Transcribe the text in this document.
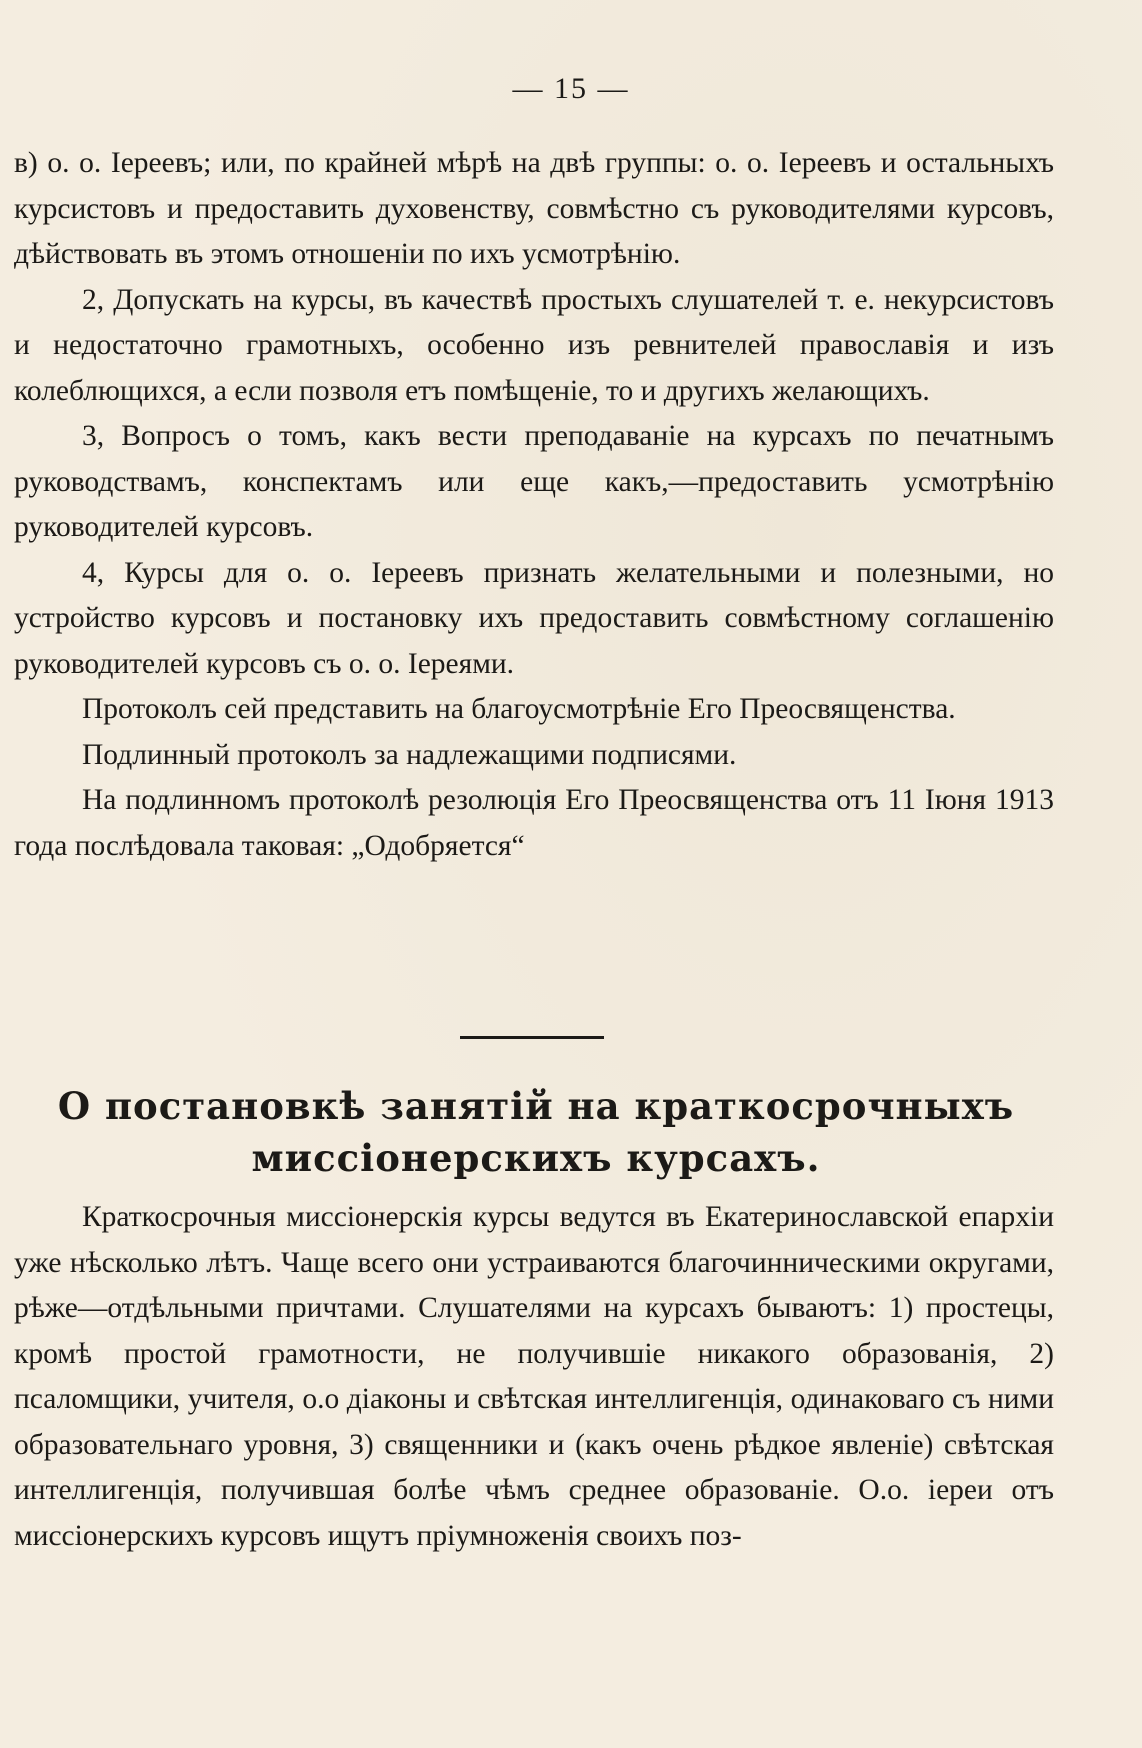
— 15 —

в) о. о. Іереевъ; или, по крайней мѣрѣ на двѣ группы: о. о. Іереевъ и остальныхъ курсистовъ и предоставить духовенству, совмѣстно съ руководителями курсовъ, дѣйствовать въ этомъ отношеніи по ихъ усмотрѣнію.

2, Допускать на курсы, въ качествѣ простыхъ слушателей т. е. некурсистовъ и недостаточно грамотныхъ, особенно изъ ревнителей православія и изъ колеблющихся, а если позволя етъ помѣщеніе, то и другихъ желающихъ.

3, Вопросъ о томъ, какъ вести преподаваніе на курсахъ по печатнымъ руководствамъ, конспектамъ или еще какъ,—предоставить усмотрѣнію руководителей курсовъ.

4, Курсы для о. о. Іереевъ признать желательными и полезными, но устройство курсовъ и постановку ихъ предоставить совмѣстному соглашенію руководителей курсовъ съ о. о. Іереями.

Протоколъ сей представить на благоусмотрѣніе Его Преосвященства.

Подлинный протоколъ за надлежащими подписями.

На подлинномъ протоколѣ резолюція Его Преосвященства отъ 11 Іюня 1913 года послѣдовала таковая: „Одобряется“

О постановкѣ занятій на краткосрочныхъ
миссіонерскихъ курсахъ.

Краткосрочныя миссіонерскія курсы ведутся въ Екатеринославской епархіи уже нѣсколько лѣтъ. Чаще всего они устраиваются благочинническими округами, рѣже—отдѣльными причтами. Слушателями на курсахъ бываютъ: 1) простецы, кромѣ простой грамотности, не получившіе никакого образованія, 2) псаломщики, учителя, о.о діаконы и свѣтская интеллигенція, одинаковаго съ ними образовательнаго уровня, 3) священники и (какъ очень рѣдкое явленіе) свѣтская интеллигенція, получившая болѣе чѣмъ среднее образованіе. О.о. іереи отъ миссіонерскихъ курсовъ ищутъ пріумноженія своихъ поз-
